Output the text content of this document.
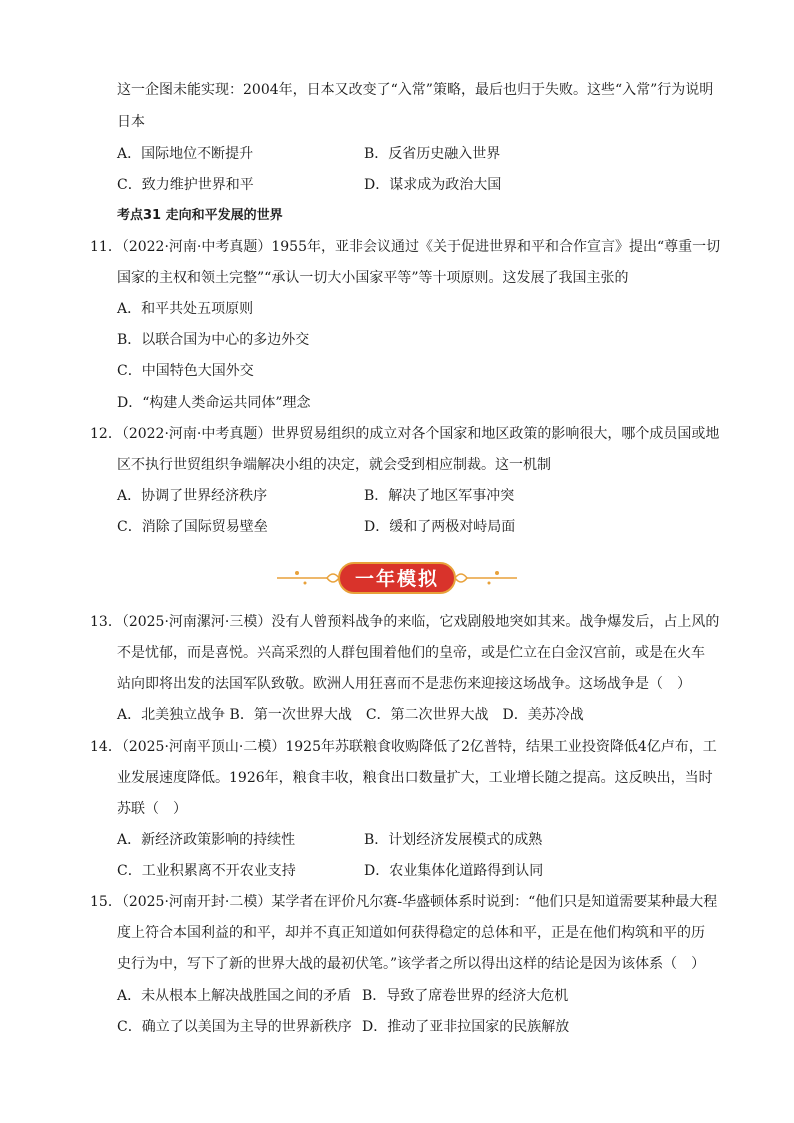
这一企图未能实现：2004年，日本又改变了“入常”策略，最后也归于失败。这些“入常”行为说明
日本
A．国际地位不断提升	B．反省历史融入世界
C．致力维护世界和平	D．谋求成为政治大国
考点31 走向和平发展的世界
11．（2022·河南·中考真题）1955年，亚非会议通过《关于促进世界和平和合作宣言》提出“尊重一切
国家的主权和领土完整”“承认一切大小国家平等”等十项原则。这发展了我国主张的
A．和平共处五项原则
B．以联合国为中心的多边外交
C．中国特色大国外交
D．“构建人类命运共同体”理念
12．（2022·河南·中考真题）世界贸易组织的成立对各个国家和地区政策的影响很大，哪个成员国或地
区不执行世贸组织争端解决小组的决定，就会受到相应制裁。这一机制
A．协调了世界经济秩序	B．解决了地区军事冲突
C．消除了国际贸易壁垒	D．缓和了两极对峙局面
一年模拟
13．（2025·河南漯河·三模）没有人曾预料战争的来临，它戏剧般地突如其来。战争爆发后，占上风的
不是忧郁，而是喜悦。兴高采烈的人群包围着他们的皇帝，或是伫立在白金汉宫前，或是在火车
站向即将出发的法国军队致敬。欧洲人用狂喜而不是悲伤来迎接这场战争。这场战争是（　）
A．北美独立战争 B．第一次世界大战　C．第二次世界大战　D．美苏冷战
14．（2025·河南平顶山·二模）1925年苏联粮食收购降低了2亿普特，结果工业投资降低4亿卢布，工
业发展速度降低。1926年，粮食丰收，粮食出口数量扩大，工业增长随之提高。这反映出，当时
苏联（　）
A．新经济政策影响的持续性	B．计划经济发展模式的成熟
C．工业积累离不开农业支持	D．农业集体化道路得到认同
15．（2025·河南开封·二模）某学者在评价凡尔赛-华盛顿体系时说到：“他们只是知道需要某种最大程
度上符合本国利益的和平，却并不真正知道如何获得稳定的总体和平，正是在他们构筑和平的历
史行为中，写下了新的世界大战的最初伏笔。”该学者之所以得出这样的结论是因为该体系（　）
A．未从根本上解决战胜国之间的矛盾 B．导致了席卷世界的经济大危机
C．确立了以美国为主导的世界新秩序 D．推动了亚非拉国家的民族解放
